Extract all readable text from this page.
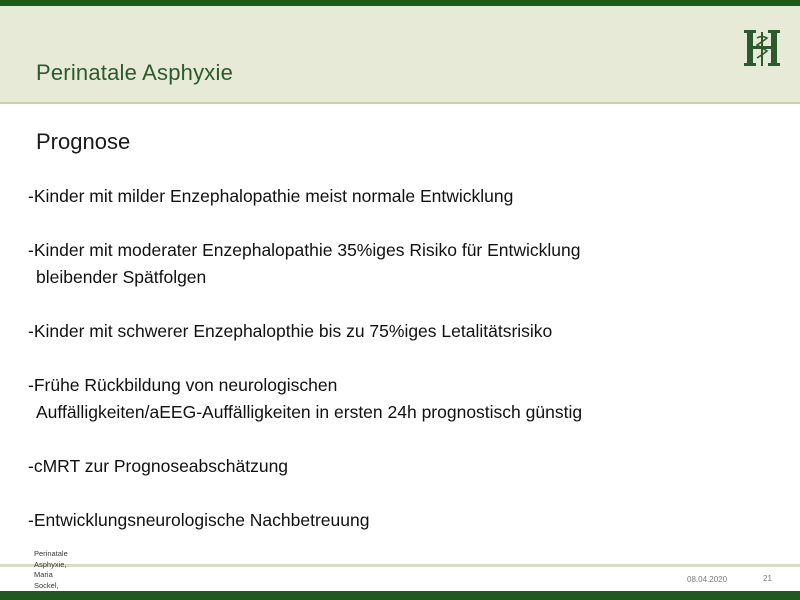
Perinatale Asphyxie
Prognose
-Kinder mit milder Enzephalopathie meist normale Entwicklung
-Kinder mit moderater Enzephalopathie 35%iges Risiko für Entwicklung
bleibender Spätfolgen
-Kinder mit schwerer Enzephalopthie bis zu 75%iges Letalitätsrisiko
-Frühe Rückbildung von neurologischen
Auffälligkeiten/aEEG-Auffälligkeiten in ersten 24h prognostisch günstig
-cMRT zur Prognoseabschätzung
-Entwicklungsneurologische Nachbetreuung
Perinatale
Asphyxie,
Maria
Sockel,
08.04.2020	21
